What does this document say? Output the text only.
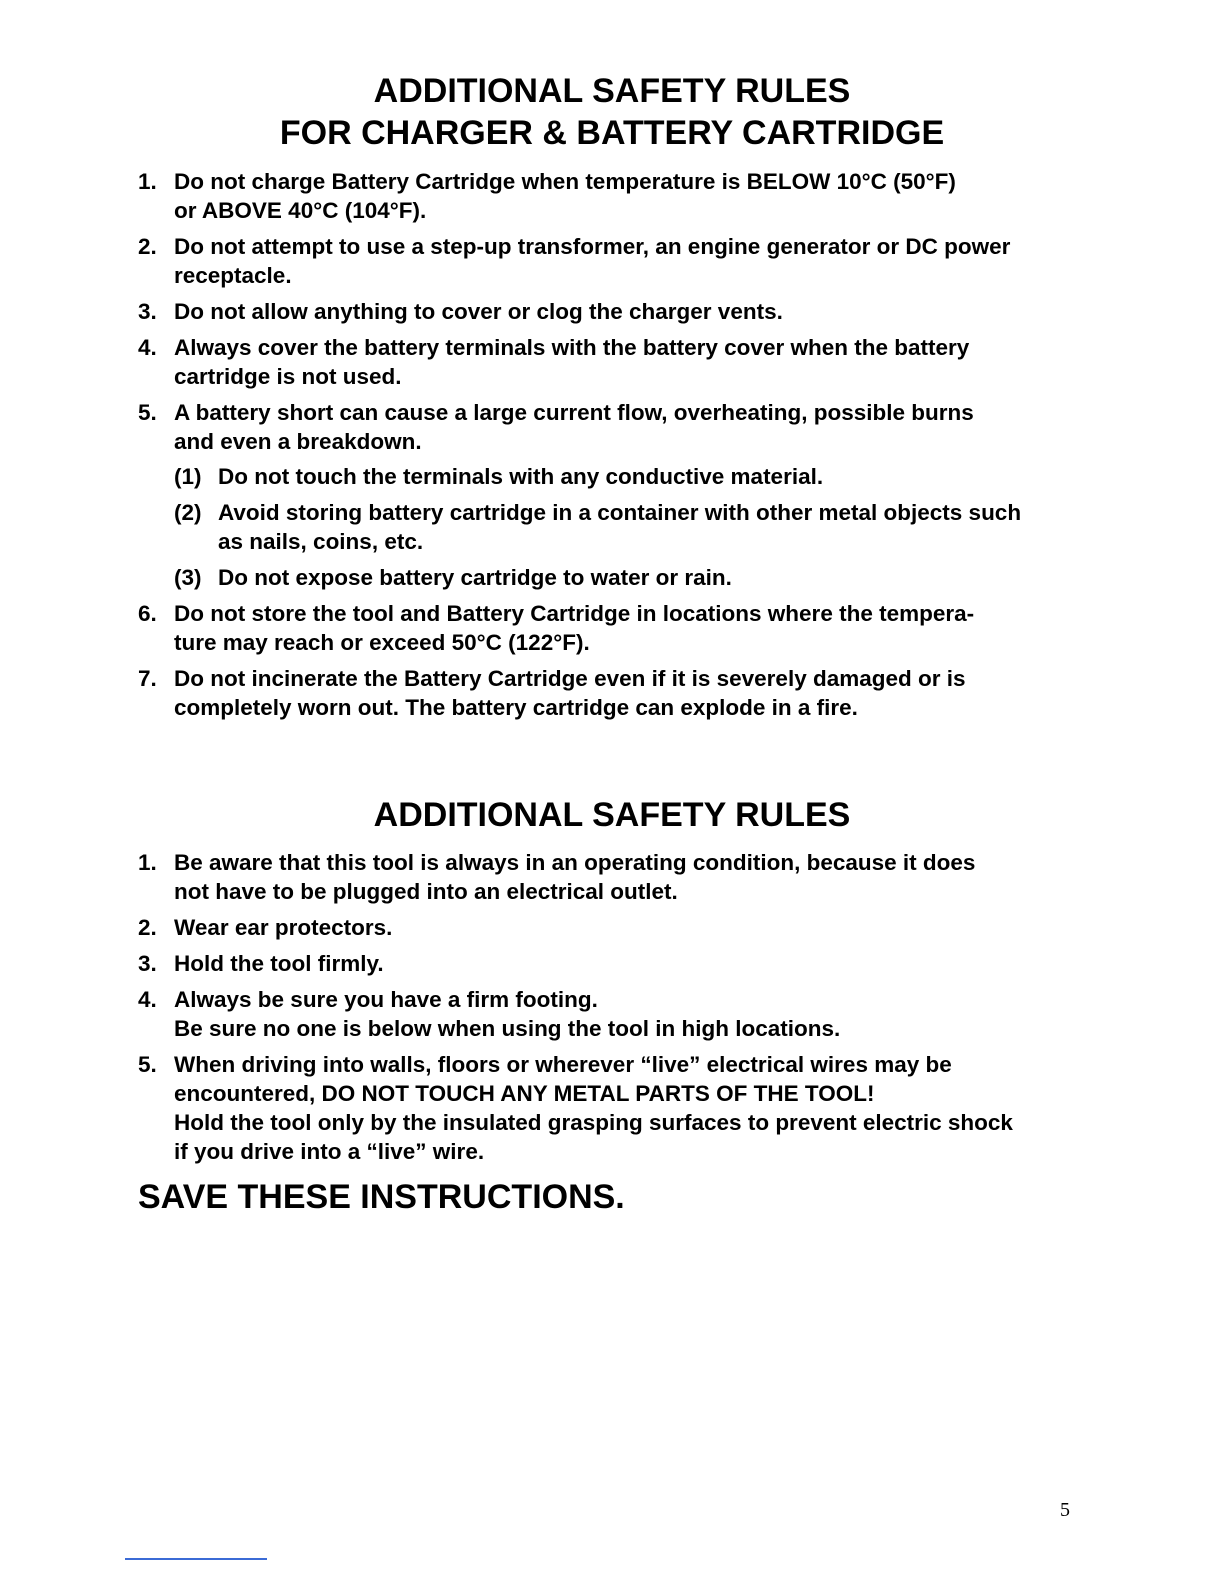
ADDITIONAL SAFETY RULES
FOR CHARGER & BATTERY CARTRIDGE
1. Do not charge Battery Cartridge when temperature is BELOW 10°C (50°F)
or ABOVE 40°C (104°F).
2. Do not attempt to use a step-up transformer, an engine generator or DC power
receptacle.
3. Do not allow anything to cover or clog the charger vents.
4. Always cover the battery terminals with the battery cover when the battery
cartridge is not used.
5. A battery short can cause a large current flow, overheating, possible burns
and even a breakdown.
(1) Do not touch the terminals with any conductive material.
(2) Avoid storing battery cartridge in a container with other metal objects such
as nails, coins, etc.
(3) Do not expose battery cartridge to water or rain.
6. Do not store the tool and Battery Cartridge in locations where the tempera-
ture may reach or exceed 50°C (122°F).
7. Do not incinerate the Battery Cartridge even if it is severely damaged or is
completely worn out. The battery cartridge can explode in a fire.
ADDITIONAL SAFETY RULES
1. Be aware that this tool is always in an operating condition, because it does
not have to be plugged into an electrical outlet.
2. Wear ear protectors.
3. Hold the tool firmly.
4. Always be sure you have a firm footing.
Be sure no one is below when using the tool in high locations.
5. When driving into walls, floors or wherever “live” electrical wires may be
encountered, DO NOT TOUCH ANY METAL PARTS OF THE TOOL!
Hold the tool only by the insulated grasping surfaces to prevent electric shock
if you drive into a “live” wire.

SAVE THESE INSTRUCTIONS.

5
